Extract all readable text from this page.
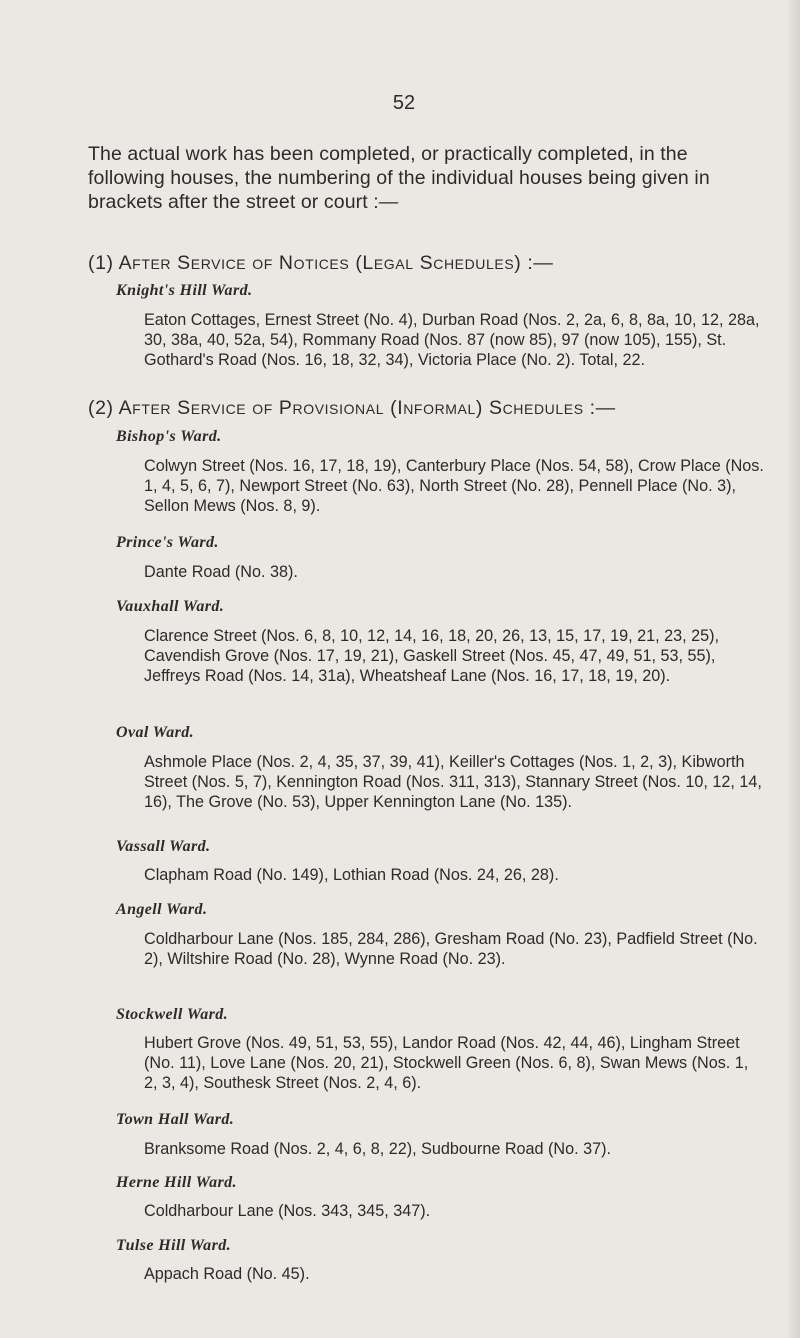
52
The actual work has been completed, or practically completed, in the following houses, the numbering of the individual houses being given in brackets after the street or court :—
(1) After Service of Notices (Legal Schedules) :—
Knight's Hill Ward.
Eaton Cottages, Ernest Street (No. 4), Durban Road (Nos. 2, 2a, 6, 8, 8a, 10, 12, 28a, 30, 38a, 40, 52a, 54), Rommany Road (Nos. 87 (now 85), 97 (now 105), 155), St. Gothard's Road (Nos. 16, 18, 32, 34), Victoria Place (No. 2). Total, 22.
(2) After Service of Provisional (Informal) Schedules :—
Bishop's Ward.
Colwyn Street (Nos. 16, 17, 18, 19), Canterbury Place (Nos. 54, 58), Crow Place (Nos. 1, 4, 5, 6, 7), Newport Street (No. 63), North Street (No. 28), Pennell Place (No. 3), Sellon Mews (Nos. 8, 9).
Prince's Ward.
Dante Road (No. 38).
Vauxhall Ward.
Clarence Street (Nos. 6, 8, 10, 12, 14, 16, 18, 20, 26, 13, 15, 17, 19, 21, 23, 25), Cavendish Grove (Nos. 17, 19, 21), Gaskell Street (Nos. 45, 47, 49, 51, 53, 55), Jeffreys Road (Nos. 14, 31a), Wheatsheaf Lane (Nos. 16, 17, 18, 19, 20).
Oval Ward.
Ashmole Place (Nos. 2, 4, 35, 37, 39, 41), Keiller's Cottages (Nos. 1, 2, 3), Kibworth Street (Nos. 5, 7), Kennington Road (Nos. 311, 313), Stannary Street (Nos. 10, 12, 14, 16), The Grove (No. 53), Upper Kennington Lane (No. 135).
Vassall Ward.
Clapham Road (No. 149), Lothian Road (Nos. 24, 26, 28).
Angell Ward.
Coldharbour Lane (Nos. 185, 284, 286), Gresham Road (No. 23), Padfield Street (No. 2), Wiltshire Road (No. 28), Wynne Road (No. 23).
Stockwell Ward.
Hubert Grove (Nos. 49, 51, 53, 55), Landor Road (Nos. 42, 44, 46), Lingham Street (No. 11), Love Lane (Nos. 20, 21), Stockwell Green (Nos. 6, 8), Swan Mews (Nos. 1, 2, 3, 4), Southesk Street (Nos. 2, 4, 6).
Town Hall Ward.
Branksome Road (Nos. 2, 4, 6, 8, 22), Sudbourne Road (No. 37).
Herne Hill Ward.
Coldharbour Lane (Nos. 343, 345, 347).
Tulse Hill Ward.
Appach Road (No. 45).
